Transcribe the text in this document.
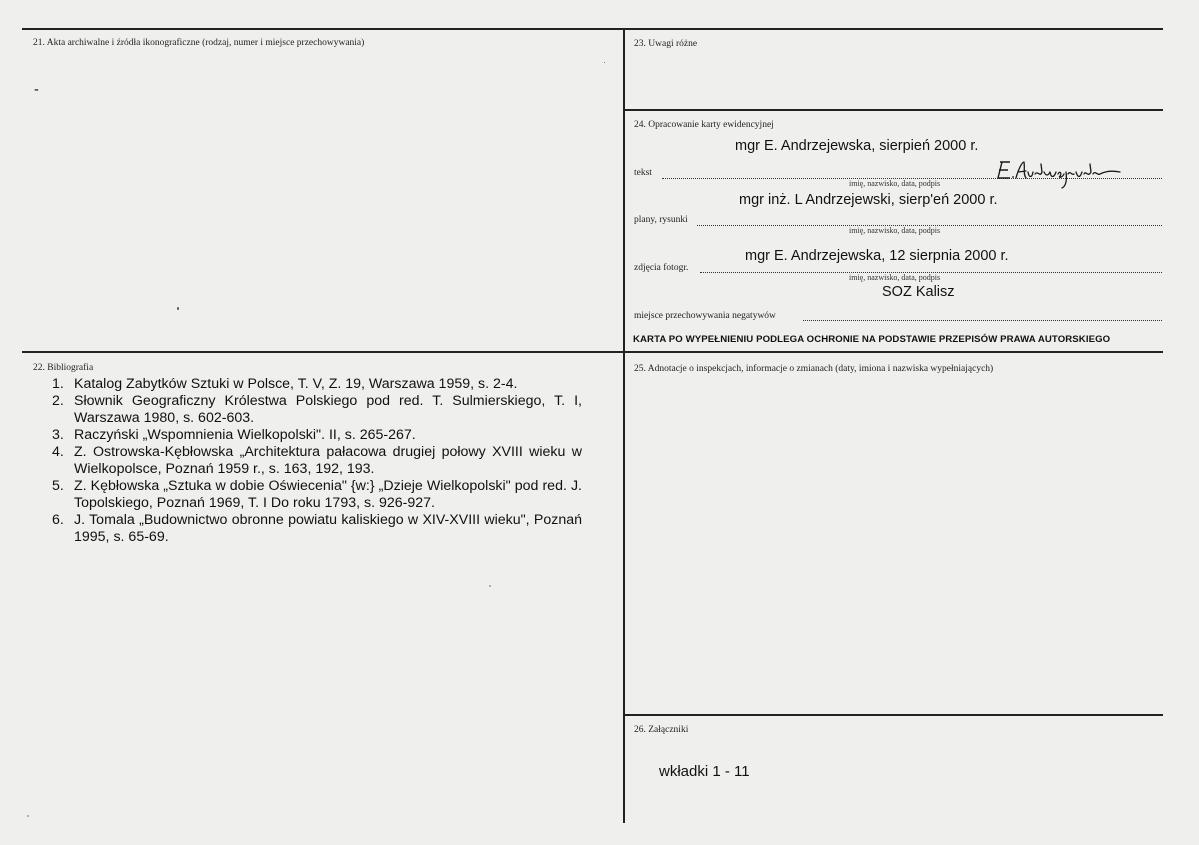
21. Akta archiwalne i źródła ikonograficzne (rodzaj, numer i miejsce przechowywania)
-
23. Uwagi różne
24. Opracowanie karty ewidencyjnej
mgr E. Andrzejewska, sierpień 2000 r.
tekst
imię, nazwisko, data, podpis
mgr inż. L Andrzejewski, sierp'eń 2000 r.
plany, rysunki
imię, nazwisko, data, podpis
mgr E. Andrzejewska, 12 sierpnia 2000 r.
zdjęcia fotogr.
imię, nazwisko, data, podpis
SOZ Kalisz
miejsce przechowywania negatywów
KARTA PO WYPEŁNIENIU PODLEGA OCHRONIE NA PODSTAWIE PRZEPISÓW PRAWA AUTORSKIEGO
22. Bibliografia
1. Katalog Zabytków Sztuki w Polsce, T. V, Z. 19, Warszawa 1959, s. 2-4.
2. Słownik Geograficzny Królestwa Polskiego pod red. T. Sulmierskiego, T. I, Warszawa 1980, s. 602-603.
3. Raczyński „Wspomnienia Wielkopolski". II, s. 265-267.
4. Z. Ostrowska-Kębłowska „Architektura pałacowa drugiej połowy XVIII wieku w Wielkopolsce, Poznań 1959 r., s. 163, 192, 193.
5. Z. Kębłowska „Sztuka w dobie Oświecenia" {w:} „Dzieje Wielkopolski" pod red. J. Topolskiego, Poznań 1969, T. I Do roku 1793, s. 926-927.
6. J. Tomala „Budownictwo obronne powiatu kaliskiego w XIV-XVIII wieku", Poznań 1995, s. 65-69.
25. Adnotacje o inspekcjach, informacje o zmianach (daty, imiona i nazwiska wypełniających)
26. Załączniki
wkładki 1 - 11
